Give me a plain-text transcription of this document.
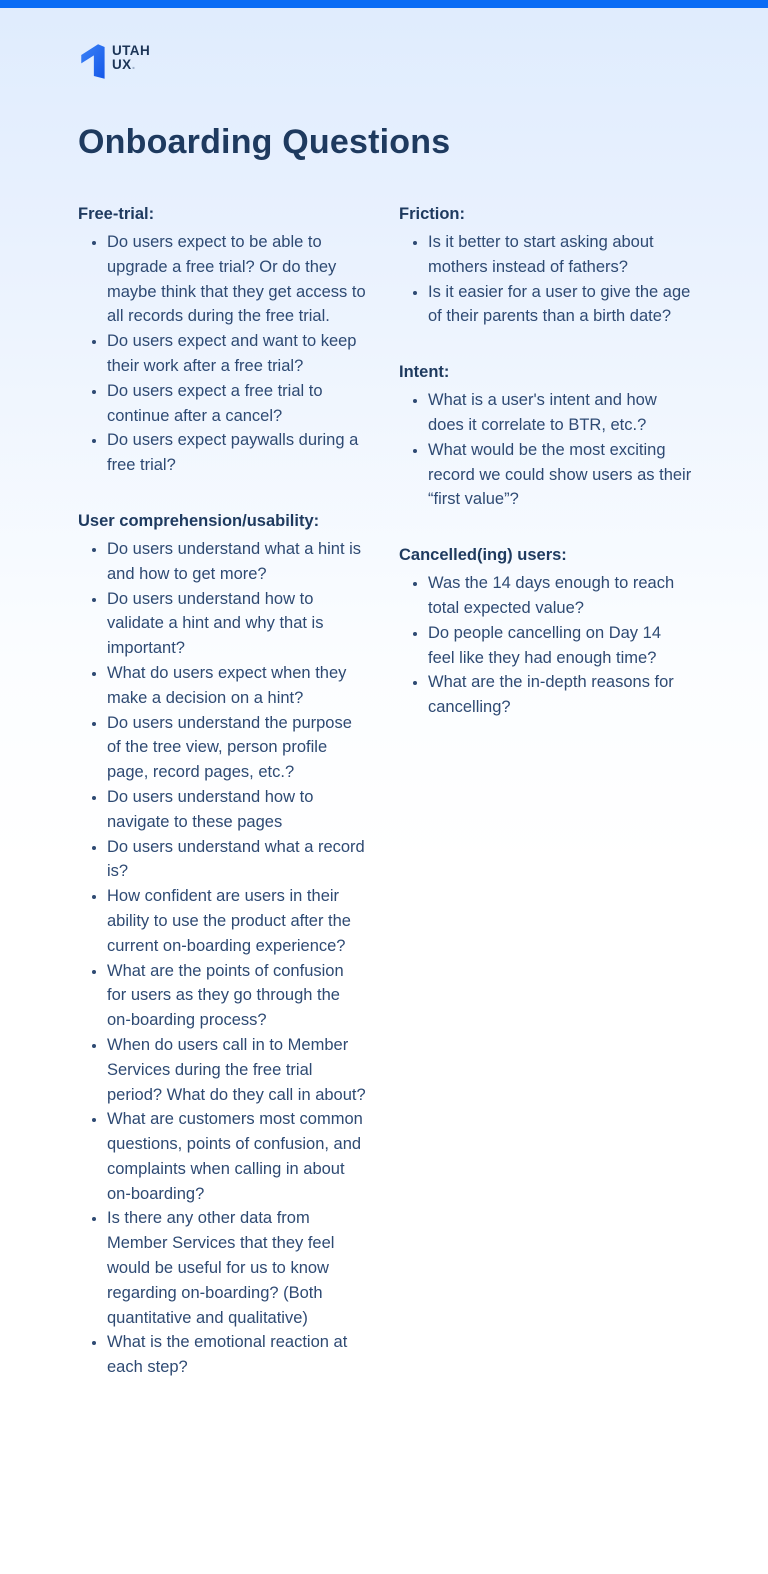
UTAH
UX.
Onboarding Questions
Free-trial:
• Do users expect to be able to upgrade a free trial? Or do they maybe think that they get access to all records during the free trial.
• Do users expect and want to keep their work after a free trial?
• Do users expect a free trial to continue after a cancel?
• Do users expect paywalls during a free trial?
User comprehension/usability:
• Do users understand what a hint is and how to get more?
• Do users understand how to validate a hint and why that is important?
• What do users expect when they make a decision on a hint?
• Do users understand the purpose of the tree view, person profile page, record pages, etc.?
• Do users understand how to navigate to these pages
• Do users understand what a record is?
• How confident are users in their ability to use the product after the current on-boarding experience?
• What are the points of confusion for users as they go through the on-boarding process?
• When do users call in to Member Services during the free trial period? What do they call in about?
• What are customers most common questions, points of confusion, and complaints when calling in about on-boarding?
• Is there any other data from Member Services that they feel would be useful for us to know regarding on-boarding? (Both quantitative and qualitative)
• What is the emotional reaction at each step?
Friction:
• Is it better to start asking about mothers instead of fathers?
• Is it easier for a user to give the age of their parents than a birth date?
Intent:
• What is a user's intent and how does it correlate to BTR, etc.?
• What would be the most exciting record we could show users as their “first value”?
Cancelled(ing) users:
• Was the 14 days enough to reach total expected value?
• Do people cancelling on Day 14 feel like they had enough time?
• What are the in-depth reasons for cancelling?
